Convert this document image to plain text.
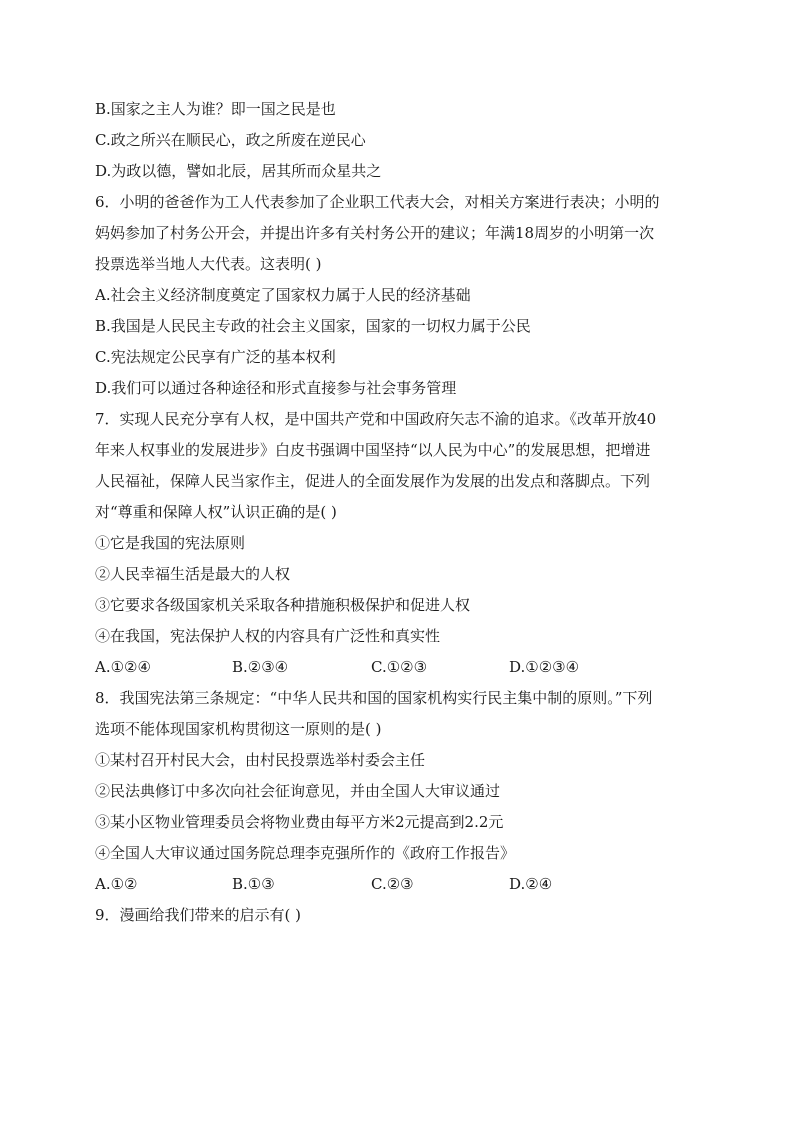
B.国家之主人为谁？即一国之民是也
C.政之所兴在顺民心，政之所废在逆民心
D.为政以德，譬如北辰，居其所而众星共之
6．小明的爸爸作为工人代表参加了企业职工代表大会，对相关方案进行表决；小明的
妈妈参加了村务公开会，并提出许多有关村务公开的建议；年满18周岁的小明第一次
投票选举当地人大代表。这表明( )
A.社会主义经济制度奠定了国家权力属于人民的经济基础
B.我国是人民民主专政的社会主义国家，国家的一切权力属于公民
C.宪法规定公民享有广泛的基本权利
D.我们可以通过各种途径和形式直接参与社会事务管理
7．实现人民充分享有人权，是中国共产党和中国政府矢志不渝的追求。《改革开放40
年来人权事业的发展进步》白皮书强调中国坚持“以人民为中心”的发展思想，把增进
人民福祉，保障人民当家作主，促进人的全面发展作为发展的出发点和落脚点。下列
对“尊重和保障人权”认识正确的是( )
①它是我国的宪法原则
②人民幸福生活是最大的人权
③它要求各级国家机关采取各种措施积极保护和促进人权
④在我国，宪法保护人权的内容具有广泛性和真实性
A.①②④	B.②③④	C.①②③	D.①②③④
8．我国宪法第三条规定：“中华人民共和国的国家机构实行民主集中制的原则。”下列
选项不能体现国家机构贯彻这一原则的是( )
①某村召开村民大会，由村民投票选举村委会主任
②民法典修订中多次向社会征询意见，并由全国人大审议通过
③某小区物业管理委员会将物业费由每平方米2元提高到2.2元
④全国人大审议通过国务院总理李克强所作的《政府工作报告》
A.①②	B.①③	C.②③	D.②④
9．漫画给我们带来的启示有( )
